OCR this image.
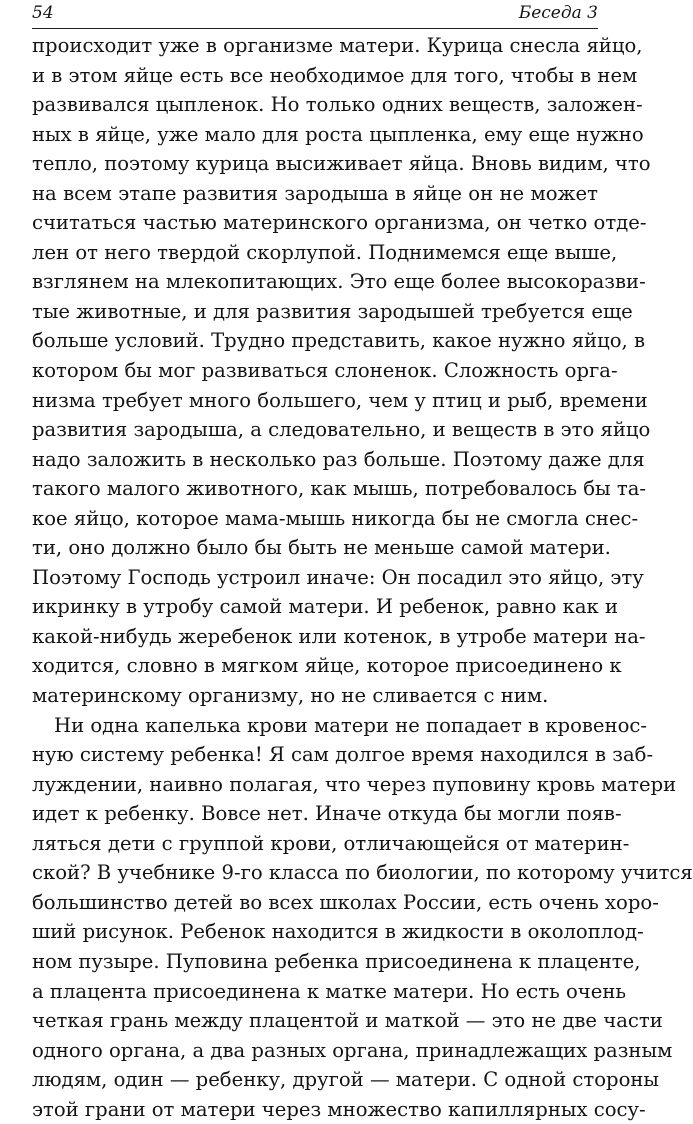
54	Беседа 3
происходит уже в организме матери. Курица снесла яйцо,
и в этом яйце есть все необходимое для того, чтобы в нем
развивался цыпленок. Но только одних веществ, заложен-
ных в яйце, уже мало для роста цыпленка, ему еще нужно
тепло, поэтому курица высиживает яйца. Вновь видим, что
на всем этапе развития зародыша в яйце он не может
считаться частью материнского организма, он четко отде-
лен от него твердой скорлупой. Поднимемся еще выше,
взглянем на млекопитающих. Это еще более высокоразви-
тые животные, и для развития зародышей требуется еще
больше условий. Трудно представить, какое нужно яйцо, в
котором бы мог развиваться слоненок. Сложность орга-
низма требует много большего, чем у птиц и рыб, времени
развития зародыша, а следовательно, и веществ в это яйцо
надо заложить в несколько раз больше. Поэтому даже для
такого малого животного, как мышь, потребовалось бы та-
кое яйцо, которое мама-мышь никогда бы не смогла снес-
ти, оно должно было бы быть не меньше самой матери.
Поэтому Господь устроил иначе: Он посадил это яйцо, эту
икринку в утробу самой матери. И ребенок, равно как и
какой-нибудь жеребенок или котенок, в утробе матери на-
ходится, словно в мягком яйце, которое присоединено к
материнскому организму, но не сливается с ним.
Ни одна капелька крови матери не попадает в кровенос-
ную систему ребенка! Я сам долгое время находился в заб-
луждении, наивно полагая, что через пуповину кровь матери
идет к ребенку. Вовсе нет. Иначе откуда бы могли появ-
ляться дети с группой крови, отличающейся от материн-
ской? В учебнике 9-го класса по биологии, по которому учится
большинство детей во всех школах России, есть очень хоро-
ший рисунок. Ребенок находится в жидкости в околоплод-
ном пузыре. Пуповина ребенка присоединена к плаценте,
а плацента присоединена к матке матери. Но есть очень
четкая грань между плацентой и маткой — это не две части
одного органа, а два разных органа, принадлежащих разным
людям, один — ребенку, другой — матери. С одной стороны
этой грани от матери через множество капиллярных сосу-
